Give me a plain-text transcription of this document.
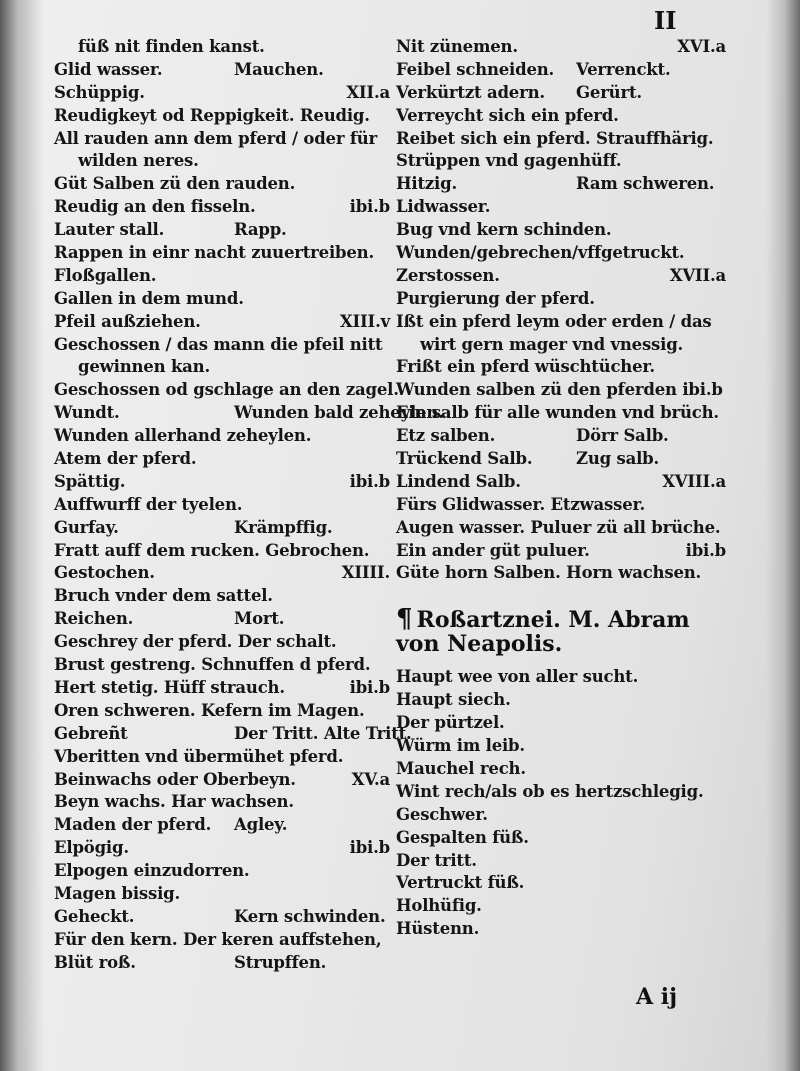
II
füß nit finden kanst.
Glid wasser.	Mauchen.
Schüppig.	XII.a
Reudigkeyt od Reppigkeit. Reudig.
All rauden ann dem pferd / oder für
wilden neres.
Güt Salben zü den rauden.
Reudig an den fisseln.	ibi.b
Lauter stall.	Rapp.
Rappen in einr nacht zuuertreiben.
Floßgallen.
Gallen in dem mund.
Pfeil außziehen.	XIII.v
Geschossen / das mann die pfeil nitt
gewinnen kan.
Geschossen od gschlage an den zagel.
Wundt.	Wunden bald zeheylen.
Wunden allerhand zeheylen.
Atem der pferd.
Spättig.	ibi.b
Auffwurff der tyelen.
Gurfay.	Krämpffig.
Fratt auff dem rucken. Gebrochen.
Gestochen.	XIIII.
Bruch vnder dem sattel.
Reichen.	Mort.
Geschrey der pferd. Der schalt.
Brust gestreng. Schnuffen d pferd.
Hert stetig. Hüff strauch.	ibi.b
Oren schweren. Kefern im Magen.
Gebreñt	Der Tritt. Alte Tritt.
Vberitten vnd übermühet pferd.
Beinwachs oder Oberbeyn.	XV.a
Beyn wachs. Har wachsen.
Maden der pferd. Agley.
Elpögig.	ibi.b
Elpogen einzudorren.
Magen bissig.
Geheckt.	Kern schwinden.
Für den kern. Der keren auffstehen,
Blüt roß.	Strupffen.
Nit zünemen.	XVI.a
Feibel schneiden. Verrenckt.
Verkürtzt adern. Gerürt.
Verreycht sich ein pferd.
Reibet sich ein pferd. Strauffhärig.
Strüppen vnd gagenhüff.
Hitzig.	Ram schweren.
Lidwasser.
Bug vnd kern schinden.
Wunden/gebrechen/vffgetruckt.
Zerstossen.	XVII.a
Purgierung der pferd.
Ißt ein pferd leym oder erden / das
wirt gern mager vnd vnessig.
Frißt ein pferd wüschtücher.
Wunden salben zü den pferden ibi.b
Ein salb für alle wunden vnd brüch.
Etz salben.	Dörr Salb.
Trückend Salb.	Zug salb.
Lindend Salb.	XVIII.a
Fürs Glidwasser. Etzwasser.
Augen wasser. Puluer zü all brüche.
Ein ander güt puluer.	ibi.b
Güte horn Salben. Horn wachsen.
¶ Roßartznei. M. Abram
von Neapolis.
Haupt wee von aller sucht.
Haupt siech.
Der pürtzel.
Würm im leib.
Mauchel rech.
Wint rech/als ob es hertzschlegig.
Geschwer.
Gespalten füß.
Der tritt.
Vertruckt füß.
Holhüfig.
Hüstenn.
A ij
